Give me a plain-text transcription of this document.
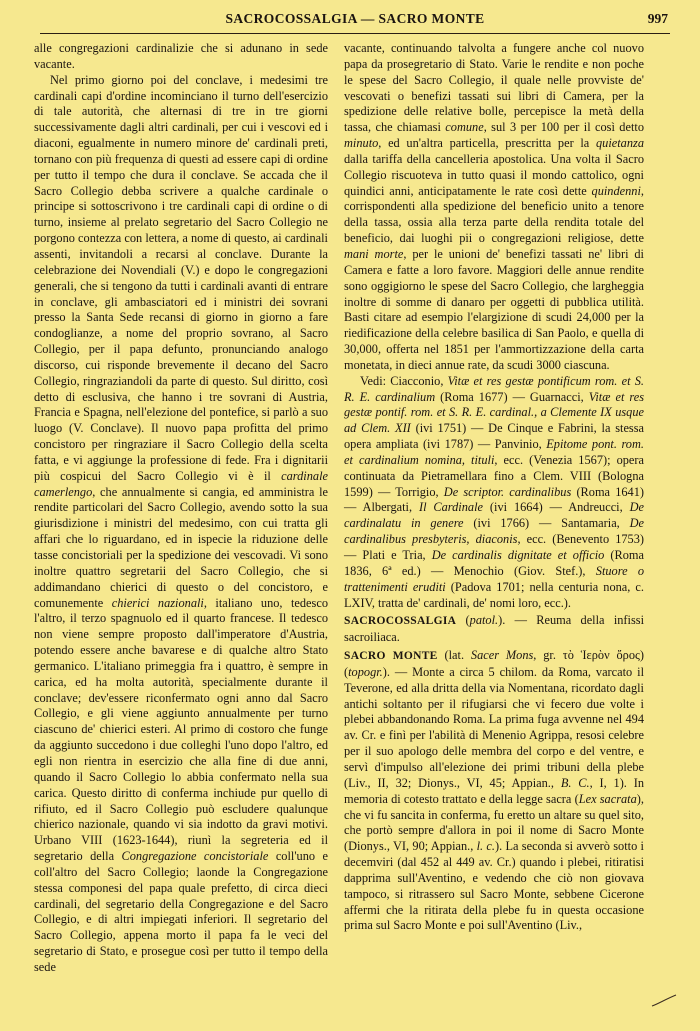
SACROCOSSALGIA — SACRO MONTE	997

alle congregazioni cardinalizie che si adunano in sede vacante.

Nel primo giorno poi del conclave, i medesimi tre cardinali capi d'ordine incominciano il turno dell'esercizio di tale autorità, che alternasi di tre in tre giorni successivamente dagli altri cardinali, per cui i vescovi ed i diaconi, egualmente in numero minore de' cardinali preti, tornano con più frequenza di questi ad essere capi di ordine per tutto il tempo che dura il conclave. Se accada che il Sacro Collegio debba scrivere a qualche cardinale o principe si sottoscrivono i tre cardinali capi di ordine o di turno, insieme al prelato segretario del Sacro Collegio ne porgono contezza con lettera, a nome di questo, ai cardinali assenti, invitandoli a recarsi al conclave. Durante la celebrazione dei Novendiali (V.) e dopo le congregazioni generali, che si tengono da tutti i cardinali avanti di entrare in conclave, gli ambasciatori ed i ministri dei sovrani presso la Santa Sede recansi di giorno in giorno a fare condoglianze, a nome del proprio sovrano, al Sacro Collegio, per il papa defunto, pronunciando analogo discorso, cui risponde brevemente il decano del Sacro Collegio, ringraziandoli da parte di questo. Sul diritto, così detto di esclusiva, che hanno i tre sovrani di Austria, Francia e Spagna, nell'elezione del pontefice, si parlò a suo luogo (V. Conclave). Il nuovo papa profitta del primo concistoro per ringraziare il Sacro Collegio della scelta fatta, e vi aggiunge la professione di fede. Fra i dignitarii più cospicui del Sacro Collegio vi è il cardinale camerlengo, che annualmente si cangia, ed amministra le rendite particolari del Sacro Collegio, avendo sotto la sua giurisdizione i ministri del medesimo, con cui tratta gli affari che lo riguardano, ed in ispecie la riduzione delle tasse concistoriali per la spedizione dei vescovadi. Vi sono inoltre quattro segretarii del Sacro Collegio, che si addimandano chierici di questo o del concistoro, e comunemente chierici nazionali, italiano uno, tedesco l'altro, il terzo spagnuolo ed il quarto francese. Il tedesco non viene sempre proposto dall'imperatore d'Austria, potendo essere anche bavarese e di qualche altro Stato germanico. L'italiano primeggia fra i quattro, è sempre in carica, ed ha molta autorità, specialmente durante il conclave; dev'essere riconfermato ogni anno dal Sacro Collegio, e gli viene aggiunto annualmente per turno ciascuno de' chierici esteri. Al primo di costoro che funge da aggiunto succedono i due colleghi l'uno dopo l'altro, ed egli non rientra in esercizio che alla fine di due anni, quando il Sacro Collegio lo abbia confermato nella sua carica. Questo diritto di conferma inchiude pur quello di rifiuto, ed il Sacro Collegio può escludere qualunque chierico nazionale, quando vi sia indotto da gravi motivi. Urbano VIII (1623-1644), riunì la segreteria ed il segretario della Congregazione concistoriale coll'uno e coll'altro del Sacro Collegio; laonde la Congregazione stessa componesi del papa quale prefetto, di circa dieci cardinali, del segretario della Congregazione e del Sacro Collegio, e di altri impiegati inferiori. Il segretario del Sacro Collegio, appena morto il papa fa le veci del segretario di Stato, e prosegue così per tutto il tempo della sede

vacante, continuando talvolta a fungere anche col nuovo papa da prosegretario di Stato. Varie le rendite e non poche le spese del Sacro Collegio, il quale nelle provviste de' vescovati o benefizi tassati sui libri di Camera, per la spedizione delle relative bolle, percepisce la metà della tassa, che chiamasi comune, sul 3 per 100 per il così detto minuto, ed un'altra particella, prescritta per la quietanza dalla tariffa della cancelleria apostolica. Una volta il Sacro Collegio riscuoteva in tutto quasi il mondo cattolico, ogni quindici anni, anticipatamente le rate così dette quindenni, corrispondenti alla spedizione del beneficio unito a tenore della tassa, ossia alla terza parte della rendita totale del beneficio, dai luoghi pii o congregazioni religiose, dette mani morte, per le unioni de' benefizi tassati ne' libri di Camera e fatte a loro favore. Maggiori delle annue rendite sono oggigiorno le spese del Sacro Collegio, che largheggia inoltre di somme di danaro per oggetti di pubblica utilità. Basti citare ad esempio l'elargizione di scudi 24,000 per la riedificazione della celebre basilica di San Paolo, e quella di 30,000, offerta nel 1851 per l'ammortizzazione della carta monetata, in dieci annue rate, da scudi 3000 ciascuna.

Vedi: Ciacconio, Vitæ et res gestæ pontificum rom. et S. R. E. cardinalium (Roma 1677) — Guarnacci, Vitæ et res gestæ pontif. rom. et S. R. E. cardinal., a Clemente IX usque ad Clem. XII (ivi 1751) — De Cinque e Fabrini, la stessa opera ampliata (ivi 1787) — Panvinio, Epitome pont. rom. et cardinalium nomina, tituli, ecc. (Venezia 1567); opera continuata da Pietramellara fino a Clem. VIII (Bologna 1599) — Torrigio, De scriptor. cardinalibus (Roma 1641) — Albergati, Il Cardinale (ivi 1664) — Andreucci, De cardinalatu in genere (ivi 1766) — Santamaria, De cardinalibus presbyteris, diaconis, ecc. (Benevento 1753) — Plati e Tria, De cardinalis dignitate et officio (Roma 1836, 6ª ed.) — Menochio (Giov. Stef.), Stuore o trattenimenti eruditi (Padova 1701; nella centuria nona, c. LXIV, tratta de' cardinali, de' nomi loro, ecc.).

SACROCOSSALGIA (patol.). — Reuma della infissi sacroiliaca.

SACRO MONTE (lat. Sacer Mons, gr. τὸ Ἱερὸν ὄρος) (topogr.). — Monte a circa 5 chilom. da Roma, varcato il Teverone, ed alla dritta della via Nomentana, ricordato dagli antichi soltanto per il rifugiarsi che vi fecero due volte i plebei abbandonando Roma. La prima fuga avvenne nel 494 av. Cr. e finì per l'abilità di Menenio Agrippa, resosi celebre per il suo apologo delle membra del corpo e del ventre, e servì d'impulso all'elezione dei primi tribuni della plebe (Liv., II, 32; Dionys., VI, 45; Appian., B. C., I, 1). In memoria di cotesto trattato e della legge sacra (Lex sacrata), che vi fu sancita in conferma, fu eretto un altare su quel sito, che portò sempre d'allora in poi il nome di Sacro Monte (Dionys., VI, 90; Appian., l. c.). La seconda si avverò sotto i decemviri (dal 452 al 449 av. Cr.) quando i plebei, ritiratisi dapprima sull'Aventino, e vedendo che ciò non giovava tampoco, si ritrassero sul Sacro Monte, sebbene Cicerone affermi che la ritirata della plebe fu in questa occasione prima sul Sacro Monte e poi sull'Aventino (Liv.,
